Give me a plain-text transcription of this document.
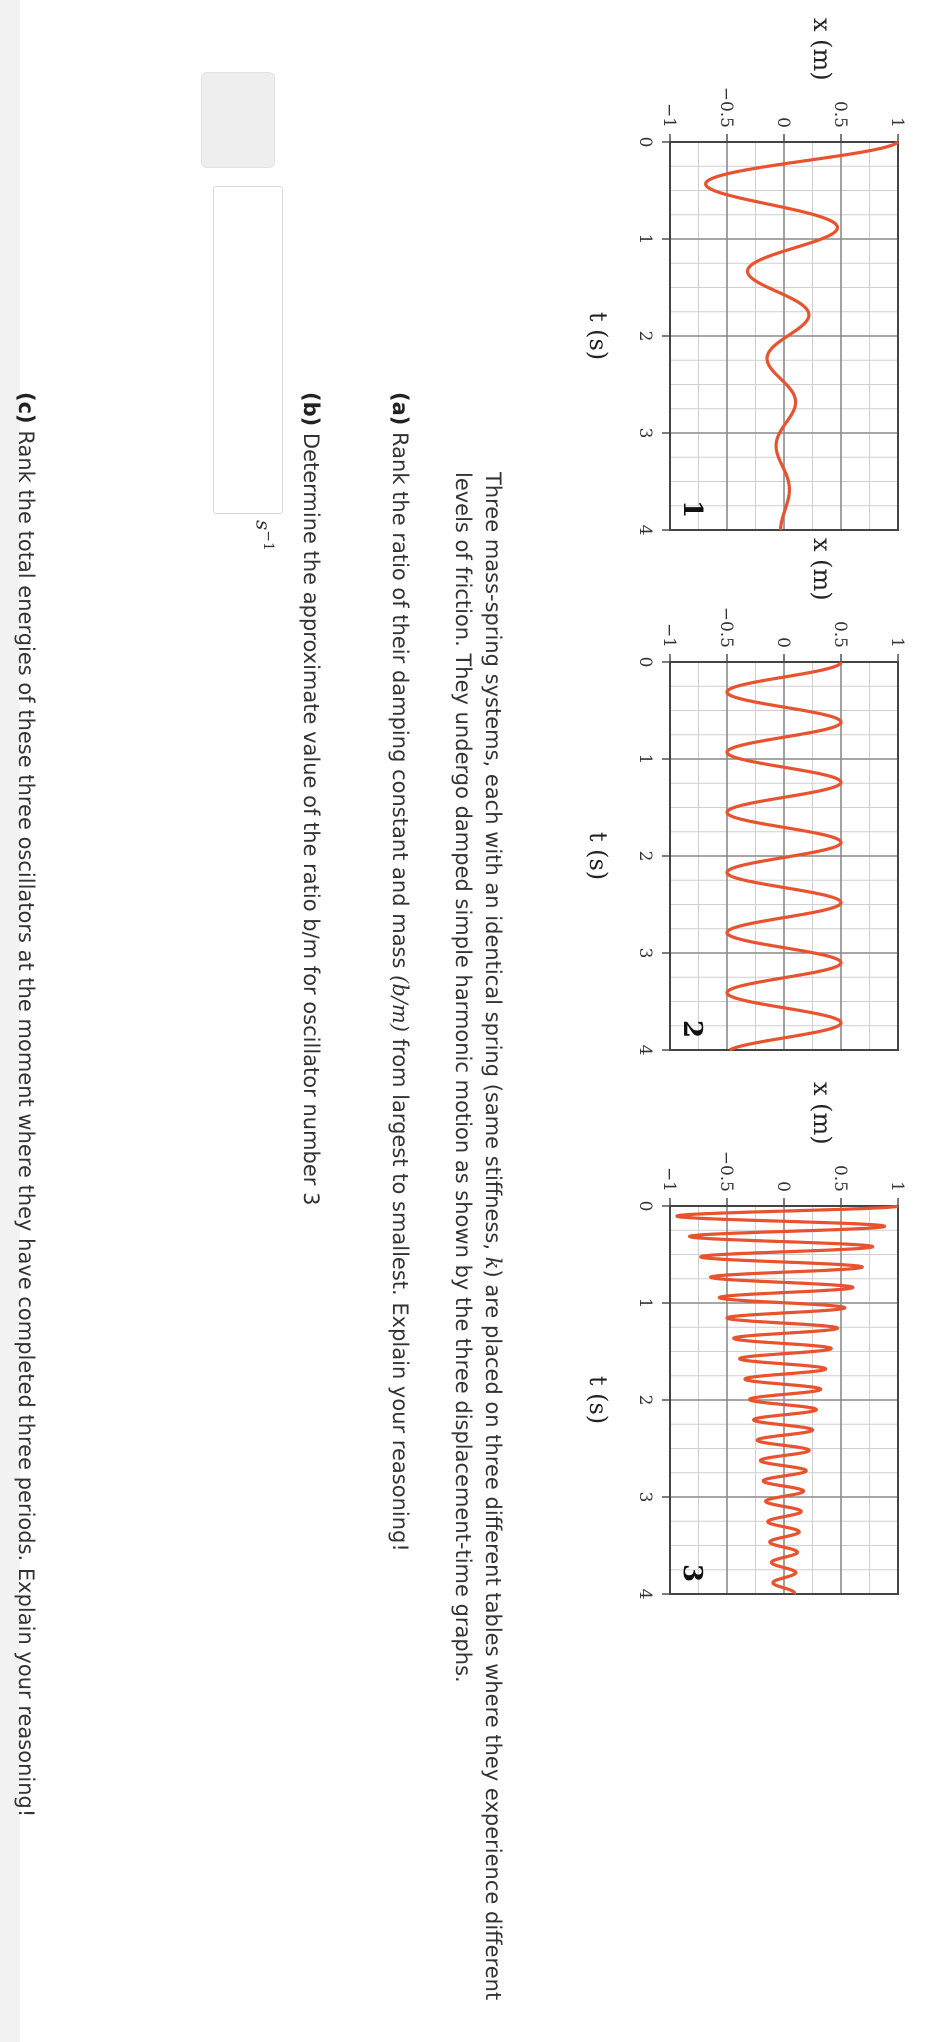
−1 −0.5 0 0.5 1
0
1
2
3
4
x (m)
t (s)
1
−1 −0.5 0 0.5 1
0
1
2
3
4
x (m)
t (s)
2
−1 −0.5 0 0.5 1
0
1
2
3
4
x (m)
t (s)
3
Three mass-spring systems, each with an identical spring (same stiffness, k) are placed on three different tables where they experience different levels of friction. They undergo damped simple harmonic motion as shown by the three displacement-time graphs.
(a) Rank the ratio of their damping constant and mass (b/m) from largest to smallest. Explain your reasoning!
(b) Determine the approximate value of the ratio b/m for oscillator number 3
$s^{-1}$
(c) Rank the total energies of these three oscillators at the moment where they have completed three periods. Explain your reasoning!
